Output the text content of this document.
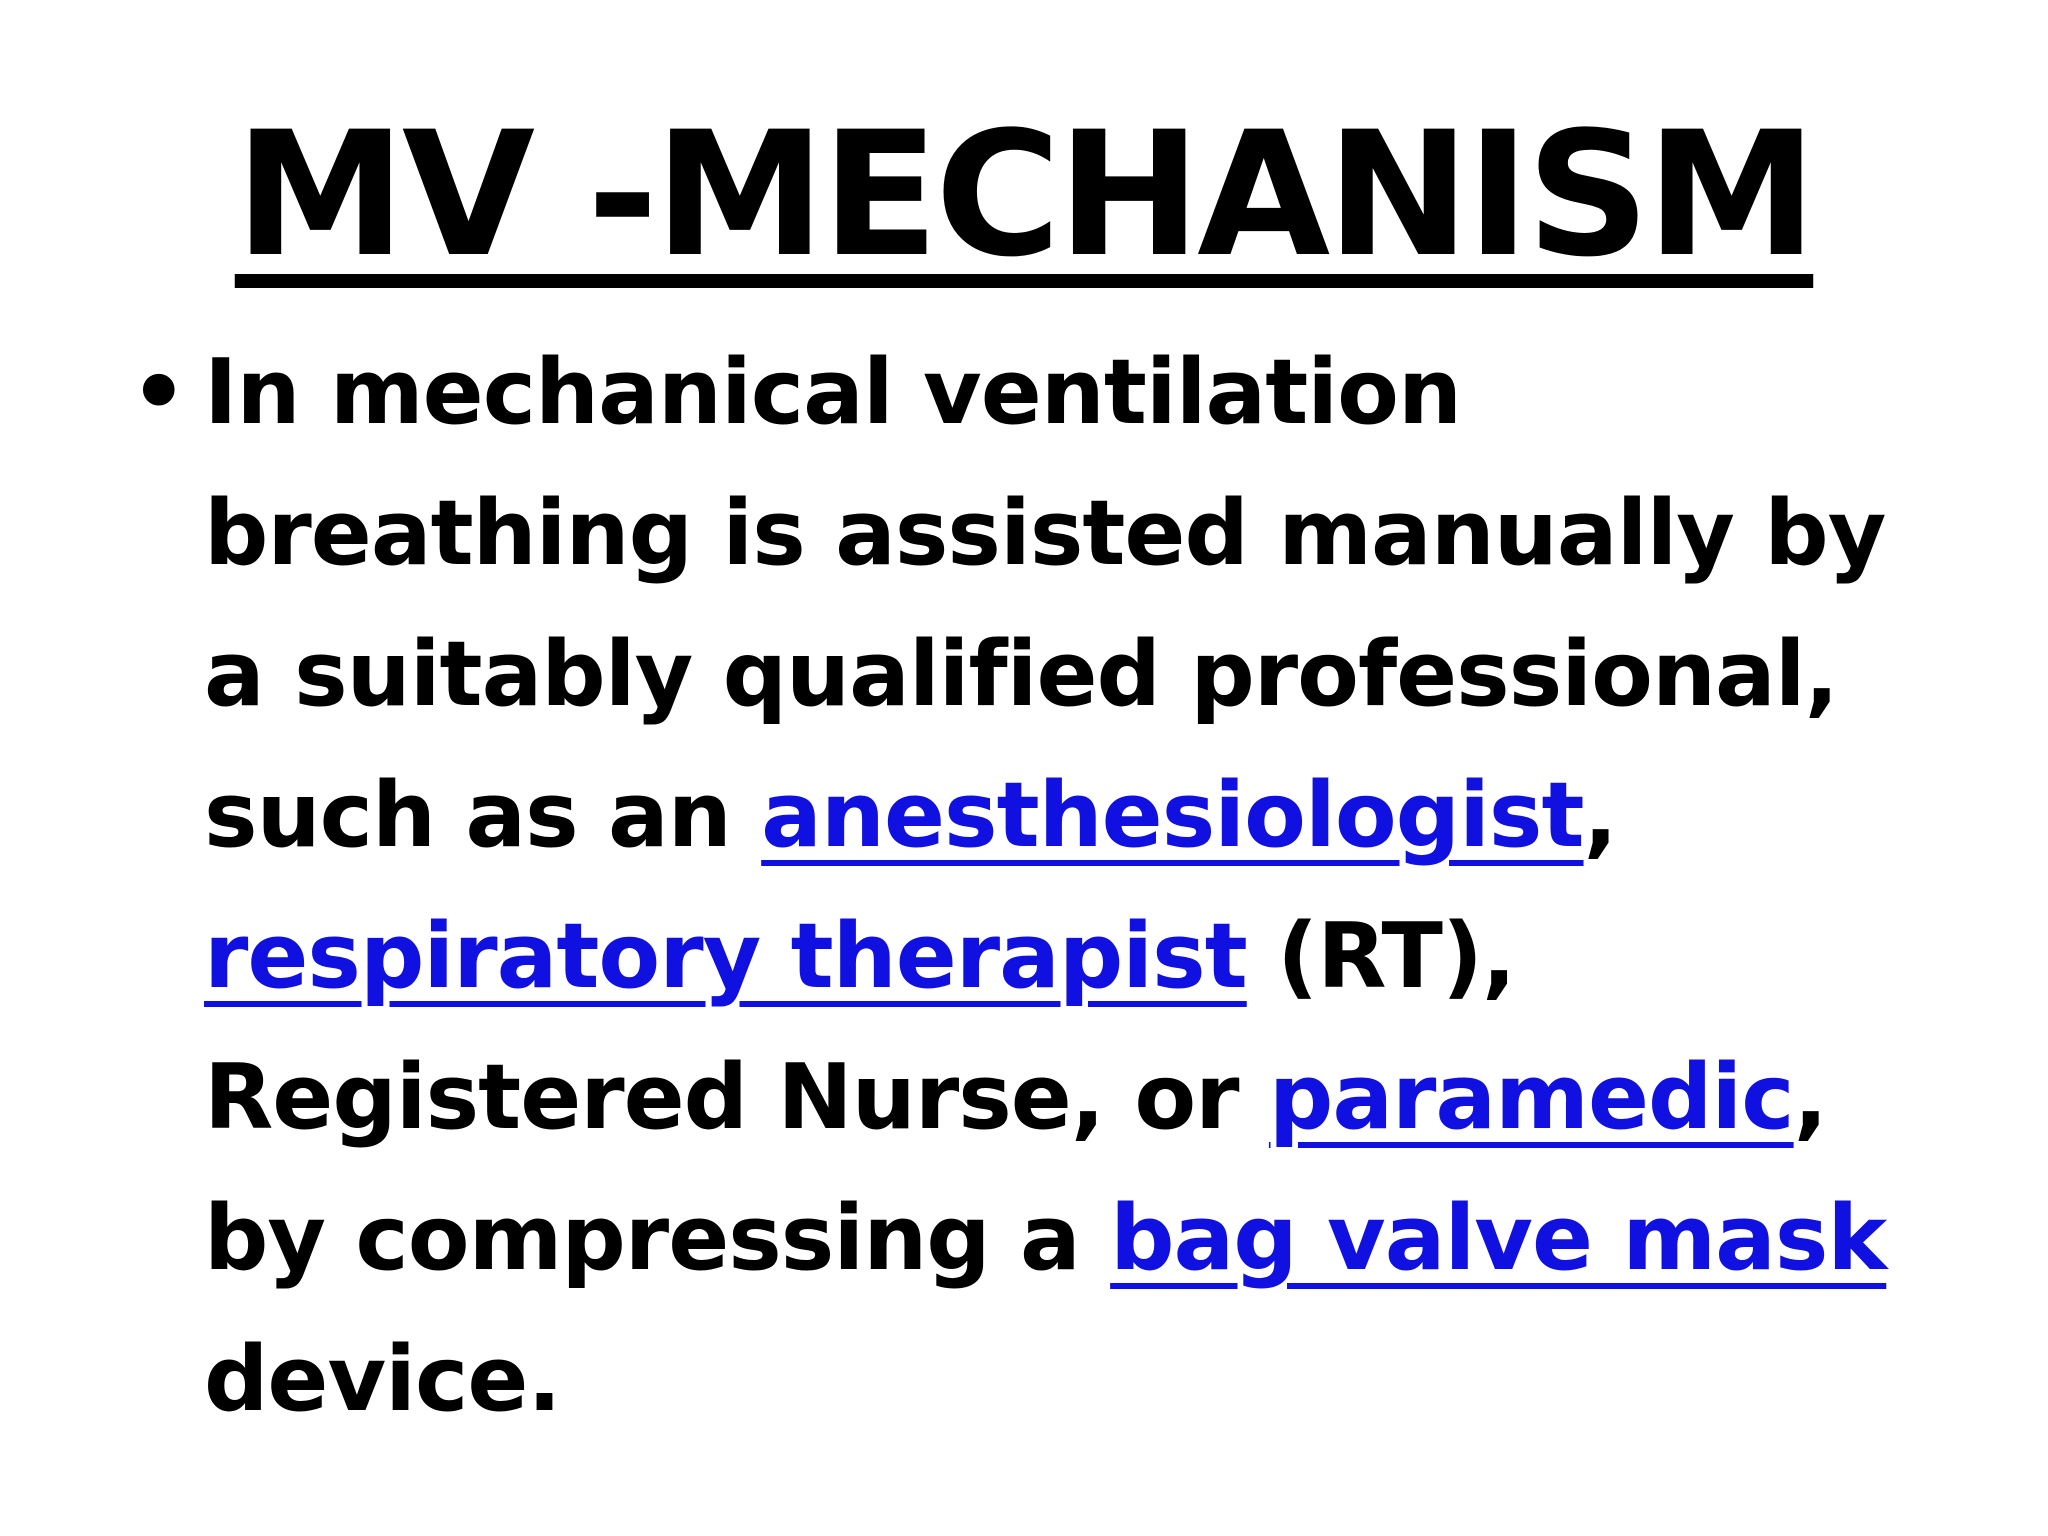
MV -MECHANISM
• In mechanical ventilation breathing is assisted manually by a suitably qualified professional, such as an anesthesiologist, respiratory therapist (RT), Registered Nurse, or paramedic, by compressing a bag valve mask device.
